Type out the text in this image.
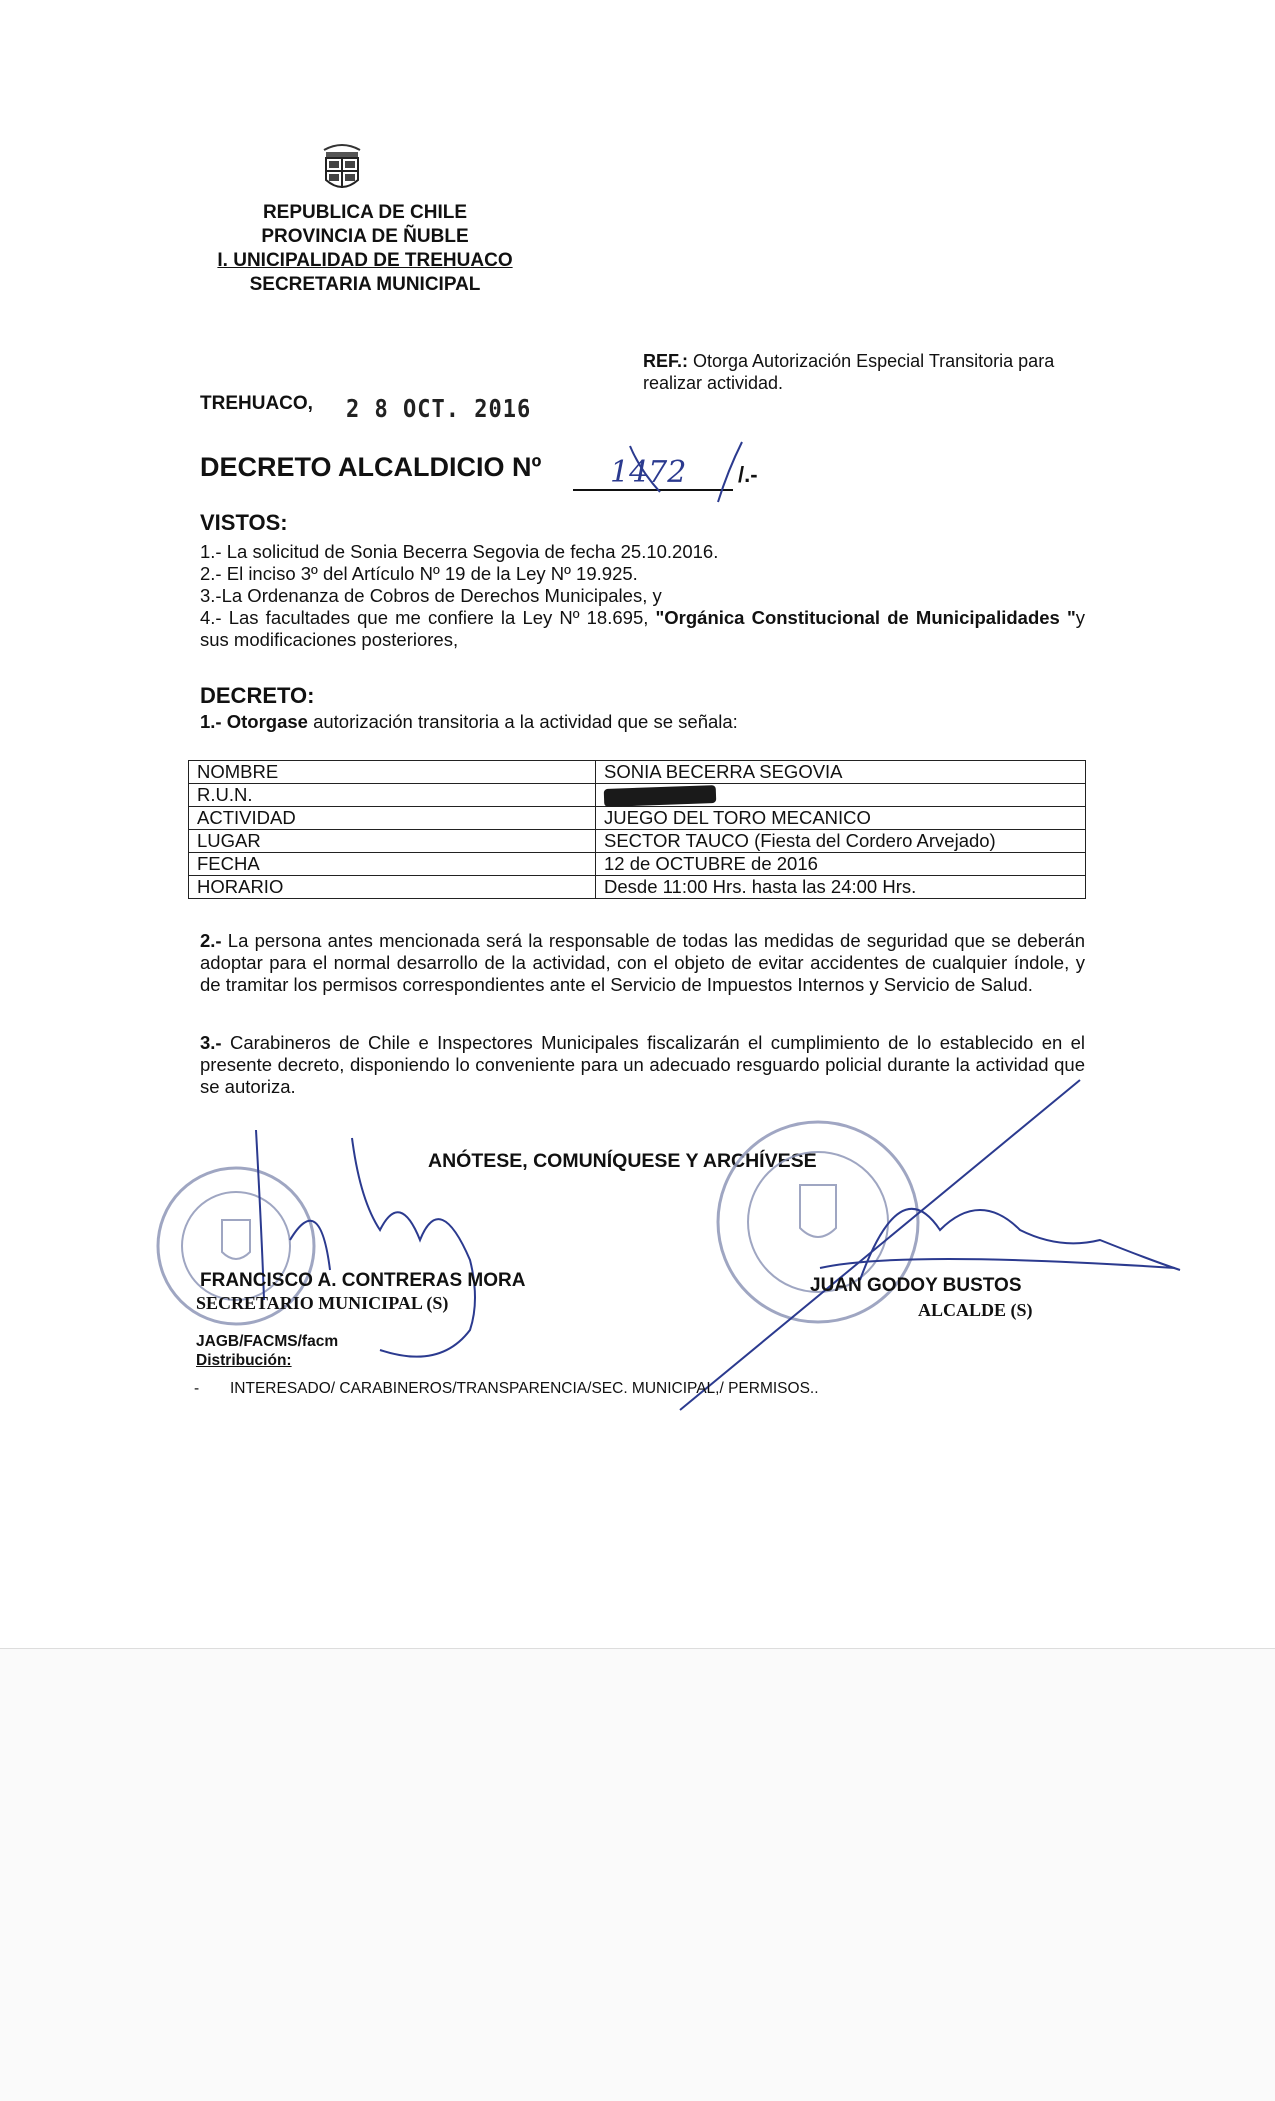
REPUBLICA DE CHILE
PROVINCIA DE ÑUBLE
I. UNICIPALIDAD DE TREHUACO
SECRETARIA MUNICIPAL
REF.: Otorga Autorización Especial Transitoria para realizar actividad.
TREHUACO, 2 8 OCT. 2016
DECRETO ALCALDICIO Nº 1472 /.-
VISTOS:
1.- La solicitud de Sonia Becerra Segovia de fecha 25.10.2016.
2.- El inciso 3º del Artículo Nº 19 de la Ley Nº 19.925.
3.-La Ordenanza de Cobros de Derechos Municipales, y
4.- Las facultades que me confiere la Ley Nº 18.695, "Orgánica Constitucional de Municipalidades "y sus modificaciones posteriores,
DECRETO:
1.- Otorgase autorización transitoria a la actividad que se señala:
NOMBRE	SONIA BECERRA SEGOVIA
R.U.N.	
ACTIVIDAD	JUEGO DEL TORO MECANICO
LUGAR	SECTOR TAUCO (Fiesta del Cordero Arvejado)
FECHA	12 de OCTUBRE de 2016
HORARIO	Desde 11:00 Hrs. hasta las 24:00 Hrs.
2.- La persona antes mencionada será la responsable de todas las medidas de seguridad que se deberán adoptar para el normal desarrollo de la actividad, con el objeto de evitar accidentes de cualquier índole, y de tramitar los permisos correspondientes ante el Servicio de Impuestos Internos y Servicio de Salud.
3.- Carabineros de Chile e Inspectores Municipales fiscalizarán el cumplimiento de lo establecido en el presente decreto, disponiendo lo conveniente para un adecuado resguardo policial durante la actividad que se autoriza.
ANÓTESE, COMUNÍQUESE Y ARCHÍVESE
FRANCISCO A. CONTRERAS MORA
SECRETARIO MUNICIPAL (S)
JUAN GODOY BUSTOS
ALCALDE (S)
JAGB/FACMS/facm
Distribución:
- INTERESADO/ CARABINEROS/TRANSPARENCIA/SEC. MUNICIPAL,/ PERMISOS..
